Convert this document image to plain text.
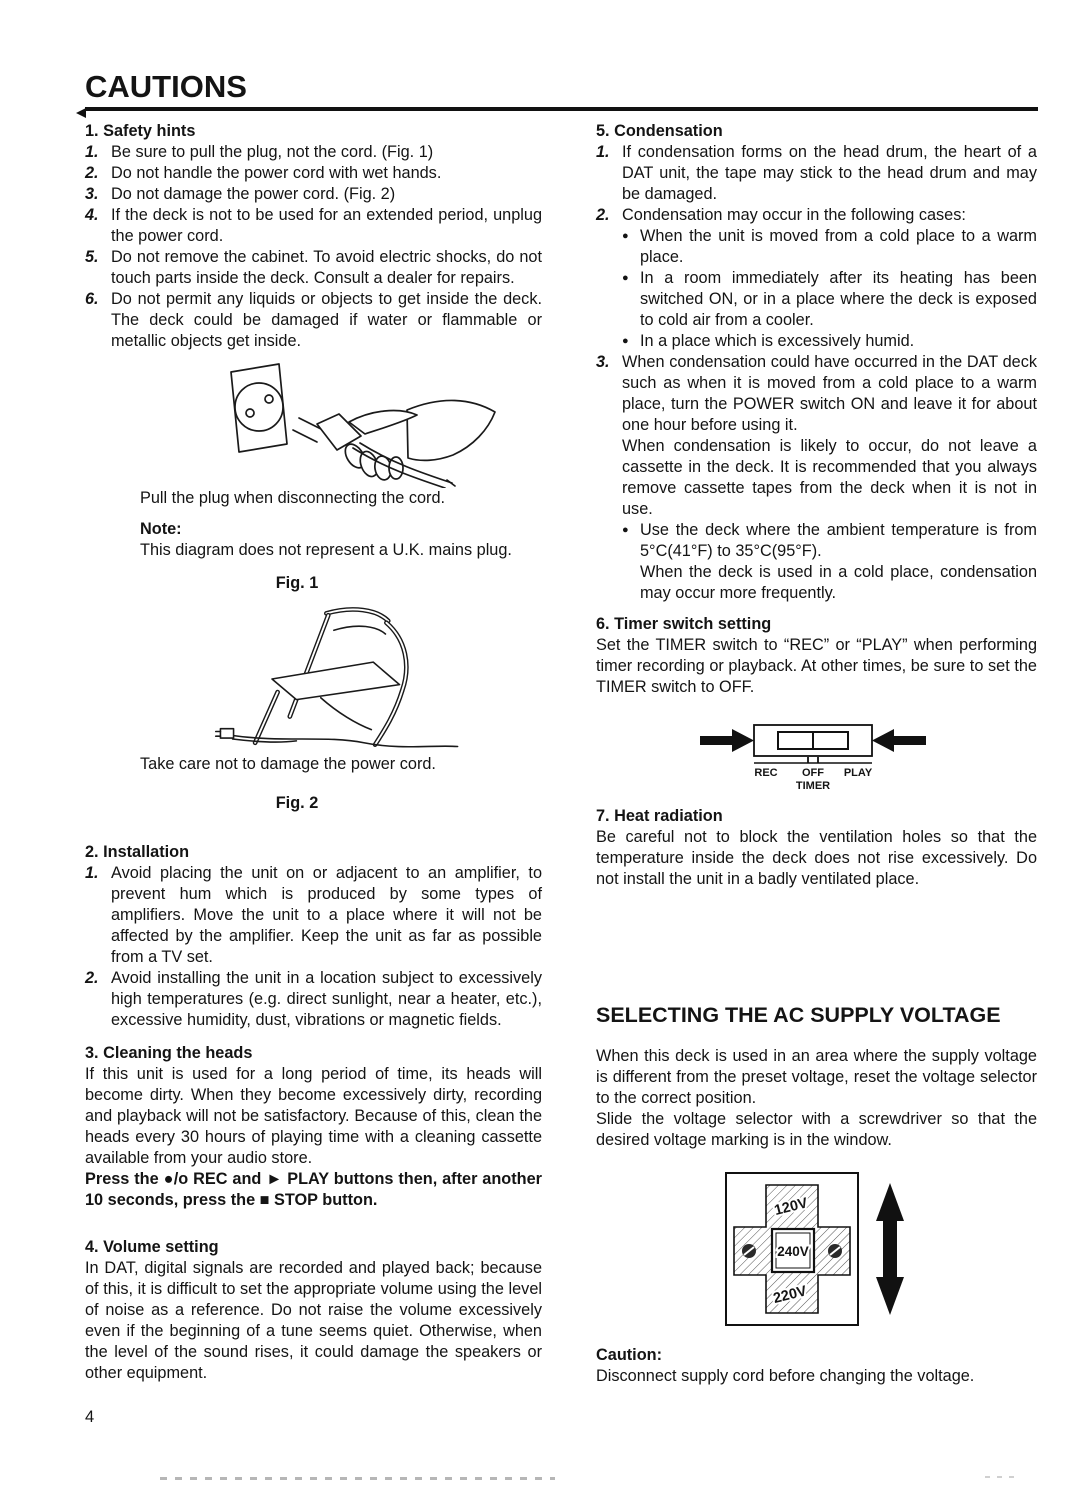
CAUTIONS
1. Safety hints
1. Be sure to pull the plug, not the cord. (Fig. 1)
2. Do not handle the power cord with wet hands.
3. Do not damage the power cord. (Fig. 2)
4. If the deck is not to be used for an extended period, unplug the power cord.
5. Do not remove the cabinet. To avoid electric shocks, do not touch parts inside the deck. Consult a dealer for repairs.
6. Do not permit any liquids or objects to get inside the deck. The deck could be damaged if water or flammable or metallic objects get inside.

Pull the plug when disconnecting the cord.

Note:
This diagram does not represent a U.K. mains plug.
Fig. 1

Take care not to damage the power cord.

Fig. 2
2. Installation
1. Avoid placing the unit on or adjacent to an amplifier, to prevent hum which is produced by some types of amplifiers. Move the unit to a place where it will not be affected by the amplifier. Keep the unit as far as possible from a TV set.
2. Avoid installing the unit in a location subject to excessively high temperatures (e.g. direct sunlight, near a heater, etc.), excessive humidity, dust, vibrations or magnetic fields.
3. Cleaning the heads

If this unit is used for a long period of time, its heads will become dirty. When they become excessively dirty, recording and playback will not be satisfactory. Because of this, clean the heads every 30 hours of playing time with a cleaning cassette available from your audio store.

Press the ●/o REC and ► PLAY buttons then, after another 10 seconds, press the ■ STOP button.

4. Volume setting

In DAT, digital signals are recorded and played back; because of this, it is difficult to set the appropriate volume using the level of noise as a reference. Do not raise the volume excessively even if the beginning of a tune seems quiet. Otherwise, when the level of the sound rises, it could damage the speakers or other equipment.

5. Condensation
1. If condensation forms on the head drum, the heart of a DAT unit, the tape may stick to the head drum and may be damaged.
2. Condensation may occur in the following cases:
● When the unit is moved from a cold place to a warm place.
● In a room immediately after its heating has been switched ON, or in a place where the deck is exposed to cold air from a cooler.
● In a place which is excessively humid.
3. When condensation could have occurred in the DAT deck such as when it is moved from a cold place to a warm place, turn the POWER switch ON and leave it for about one hour before using it.

When condensation is likely to occur, do not leave a cassette in the deck. It is recommended that you always remove cassette tapes from the deck when it is not in use.

● Use the deck where the ambient temperature is from 5°C(41°F) to 35°C(95°F).

When the deck is used in a cold place, condensation may occur more frequently.

6. Timer switch setting

Set the TIMER switch to “REC” or “PLAY” when performing timer recording or playback. At other times, be sure to set the TIMER switch to OFF.

REC OFF PLAY
TIMER
7. Heat radiation

Be careful not to block the ventilation holes so that the temperature inside the deck does not rise excessively. Do not install the unit in a badly ventilated place.

SELECTING THE AC SUPPLY VOLTAGE

When this deck is used in an area where the supply voltage is different from the preset voltage, reset the voltage selector to the correct position.

Slide the voltage selector with a screwdriver so that the desired voltage marking is in the window.

240V
120V
220V
Caution:
Disconnect supply cord before changing the voltage.
4
